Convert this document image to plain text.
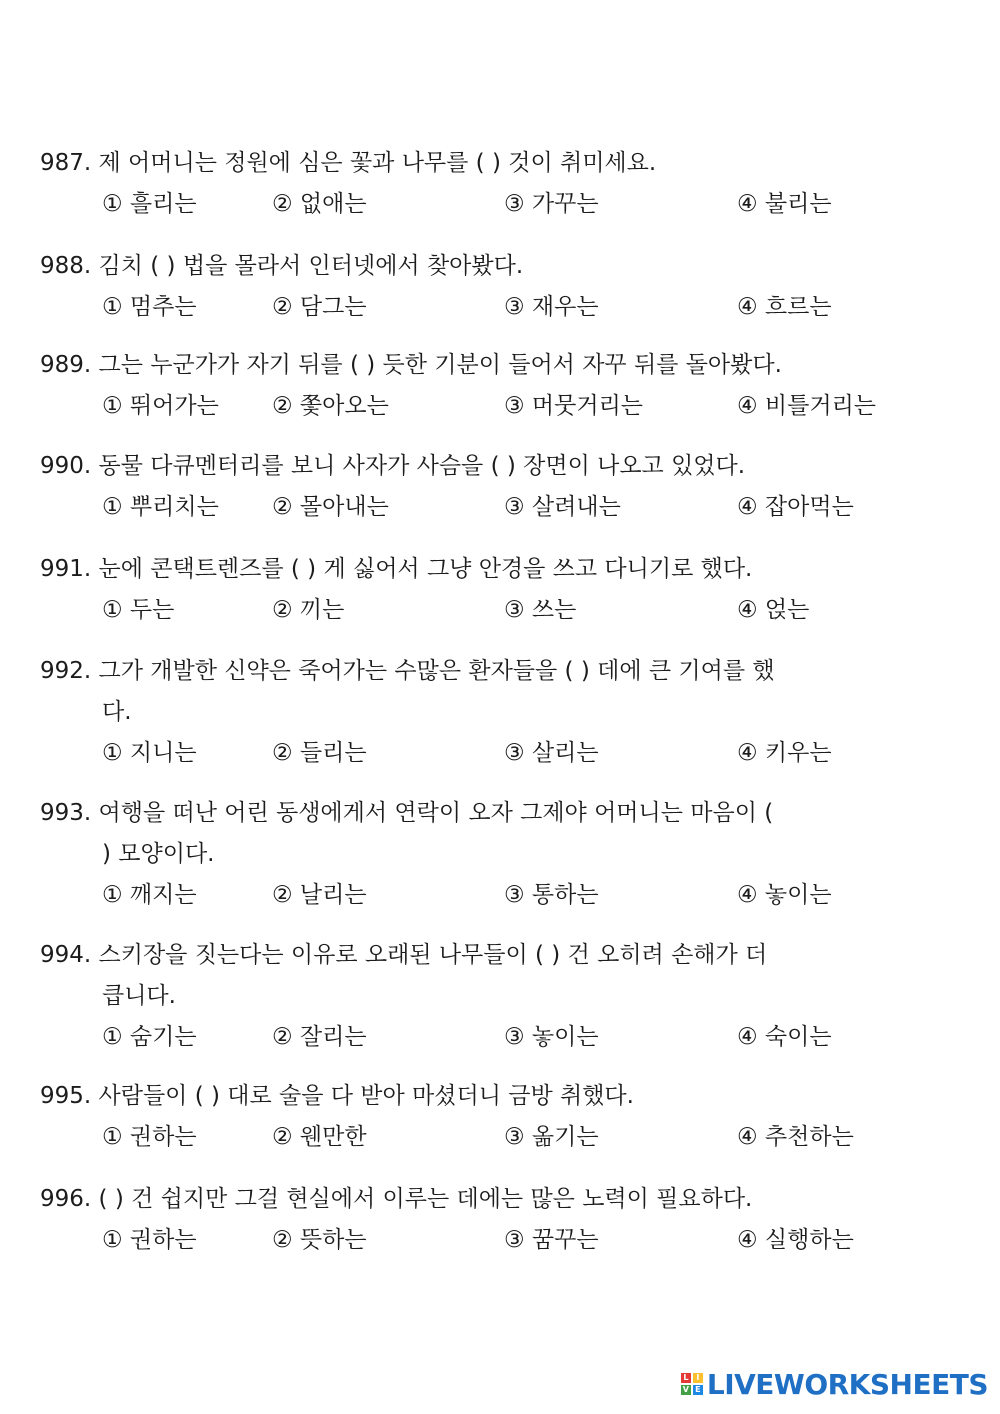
987. 제 어머니는 정원에 심은 꽃과 나무를 ( ) 것이 취미세요.
① 흘리는	② 없애는	③ 가꾸는	④ 불리는
988. 김치 ( ) 법을 몰라서 인터넷에서 찾아봤다.
① 멈추는	② 담그는	③ 재우는	④ 흐르는
989. 그는 누군가가 자기 뒤를 ( ) 듯한 기분이 들어서 자꾸 뒤를 돌아봤다.
① 뛰어가는 ② 쫓아오는	③ 머뭇거리는	④ 비틀거리는
990. 동물 다큐멘터리를 보니 사자가 사슴을 ( ) 장면이 나오고 있었다.
① 뿌리치는 ② 몰아내는	③ 살려내는	④ 잡아먹는
991. 눈에 콘택트렌즈를 ( ) 게 싫어서 그냥 안경을 쓰고 다니기로 했다.
① 두는	② 끼는	③ 쓰는	④ 얹는
992. 그가 개발한 신약은 죽어가는 수많은 환자들을 ( ) 데에 큰 기여를 했
다.
① 지니는	② 들리는	③ 살리는	④ 키우는
993. 여행을 떠난 어린 동생에게서 연락이 오자 그제야 어머니는 마음이 (
) 모양이다.
① 깨지는	② 날리는	③ 통하는	④ 놓이는
994. 스키장을 짓는다는 이유로 오래된 나무들이 ( ) 건 오히려 손해가 더
큽니다.
① 숨기는	② 잘리는	③ 놓이는	④ 숙이는
995. 사람들이 ( ) 대로 술을 다 받아 마셨더니 금방 취했다.
① 권하는	② 웬만한	③ 옮기는	④ 추천하는
996. ( ) 건 쉽지만 그걸 현실에서 이루는 데에는 많은 노력이 필요하다.
① 권하는	② 뜻하는	③ 꿈꾸는	④ 실행하는
L I
V E LIVEWORKSHEETS
